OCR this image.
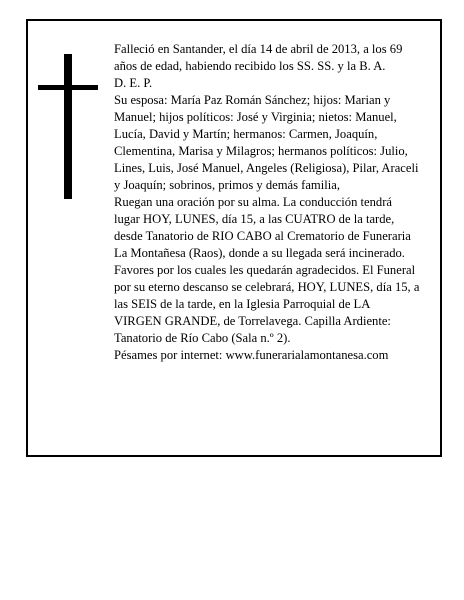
Falleció en Santander, el día 14 de abril de 2013, a los 69 años de edad, habiendo recibido los SS. SS. y la B. A.

D. E. P.

Su esposa: María Paz Román Sánchez; hijos: Marian y Manuel; hijos políticos: José y Virginia; nietos: Manuel, Lucía, David y Martín; hermanos: Carmen, Joaquín, Clementina, Marisa y Milagros; hermanos políticos: Julio, Lines, Luis, José Manuel, Angeles (Religiosa), Pilar, Araceli y Joaquín; sobrinos, primos y demás familia,

Ruegan una oración por su alma. La conducción tendrá lugar HOY, LUNES, día 15, a las CUATRO de la tarde, desde Tanatorio de RIO CABO al Crematorio de Funeraria La Montañesa (Raos), donde a su llegada será incinerado. Favores por los cuales les quedarán agradecidos. El Funeral por su eterno descanso se celebrará, HOY, LUNES, día 15, a las SEIS de la tarde, en la Iglesia Parroquial de LA VIRGEN GRANDE, de Torrelavega. Capilla Ardiente: Tanatorio de Río Cabo (Sala n.º 2).

Pésames por internet: www.funerarialamontanesa.com
